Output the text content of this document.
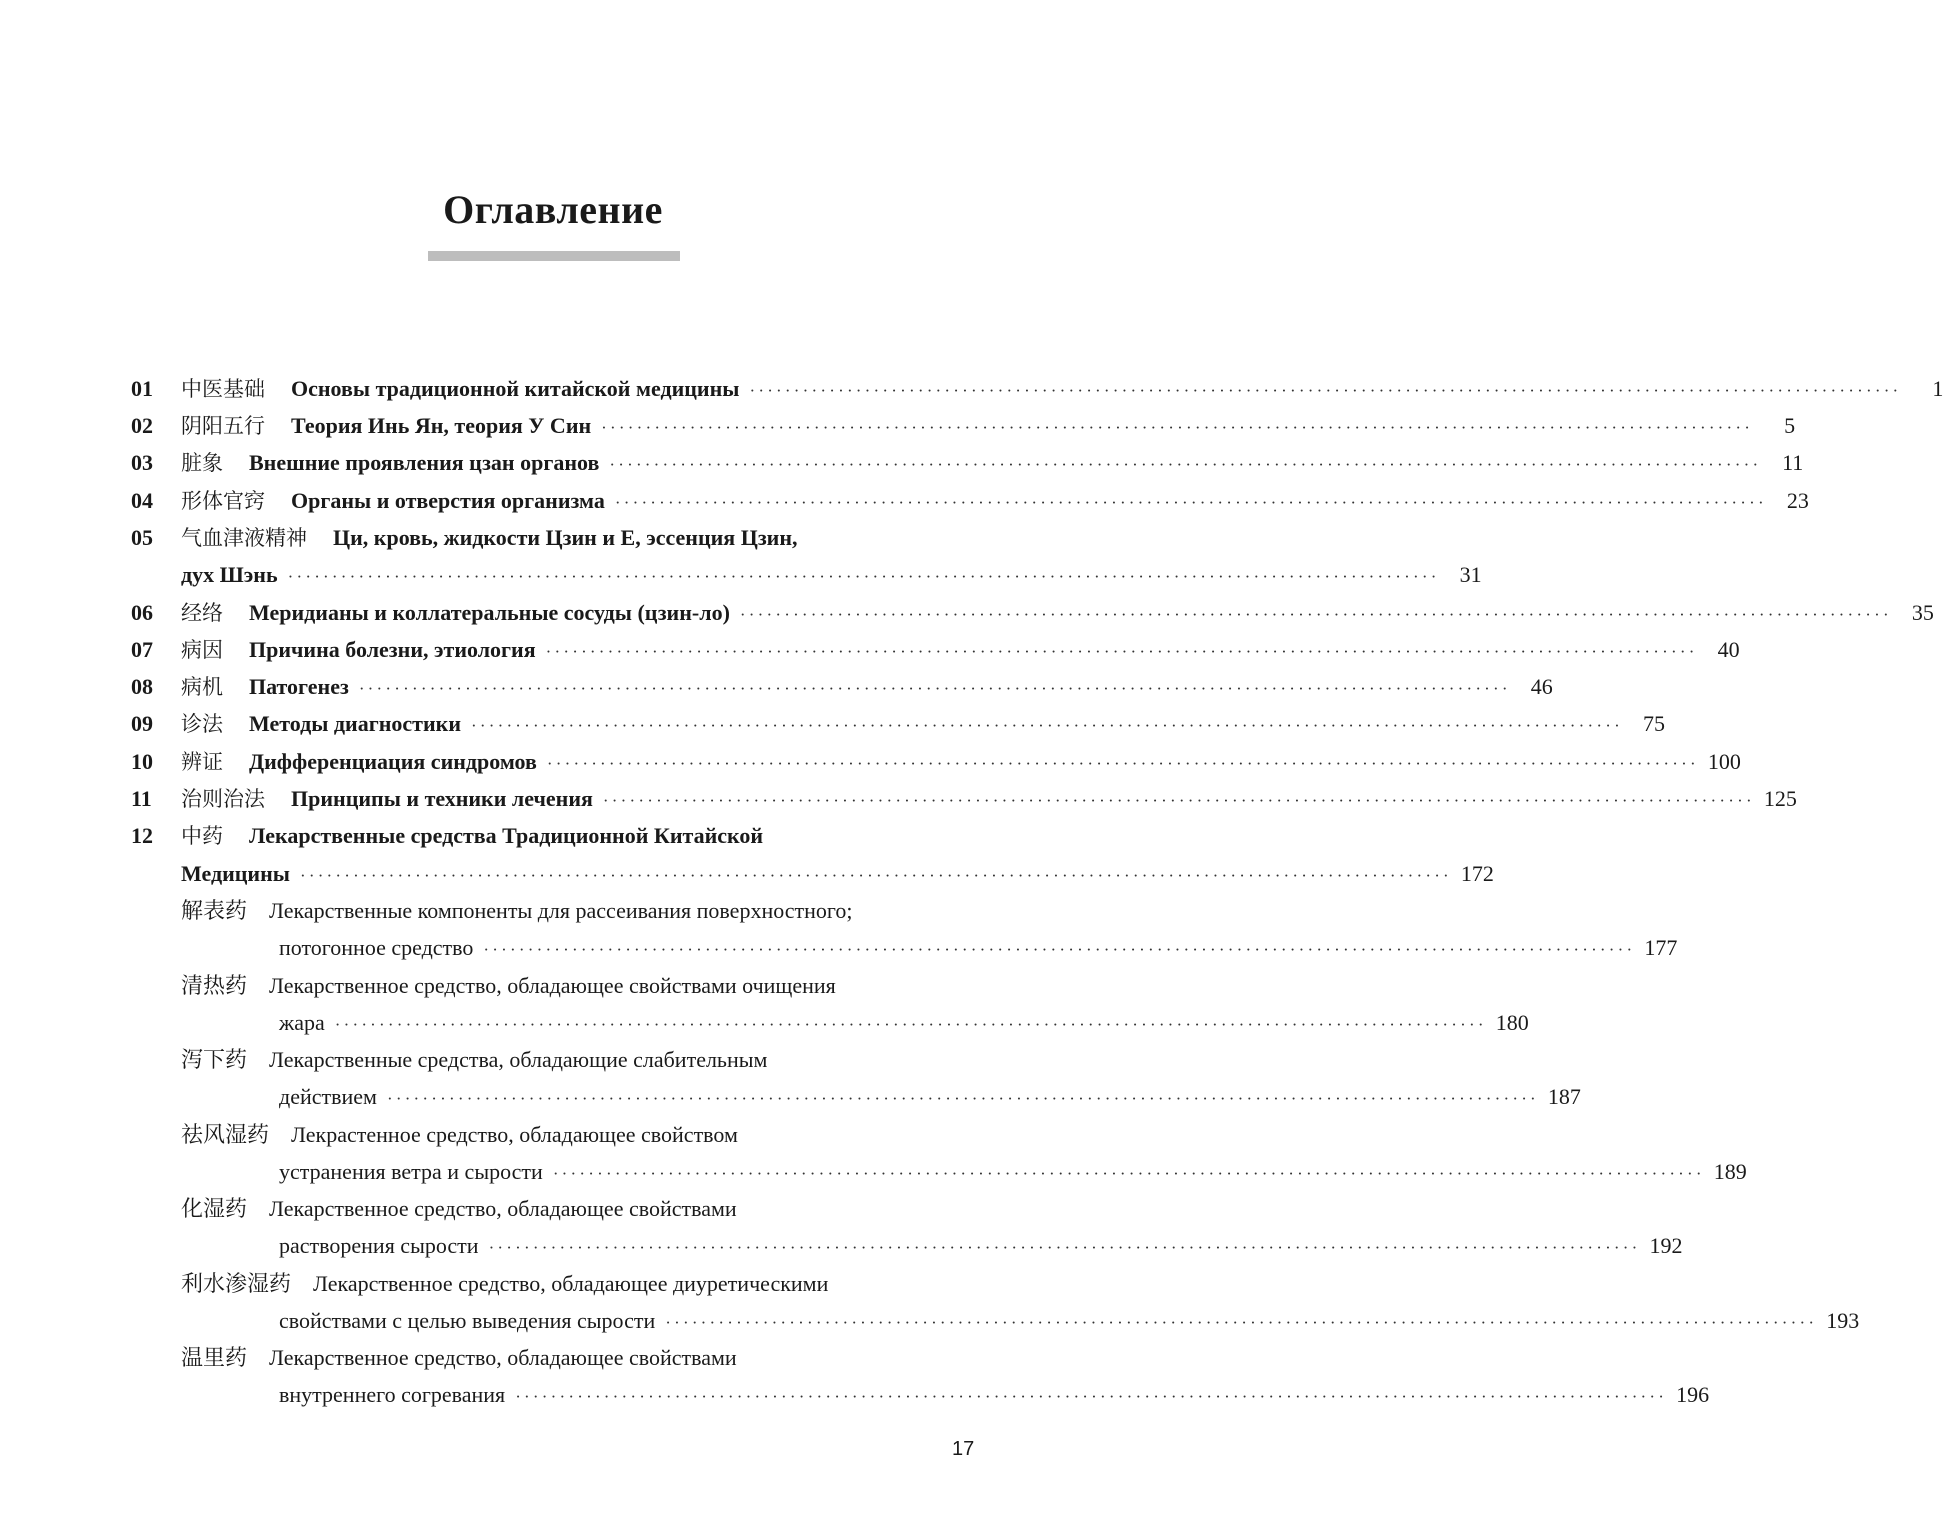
Оглавление
01 中医基础 Основы традиционной китайской медицины ··································································································································	1
02 阴阳五行 Теория Инь Ян, теория У Син ··································································································································	5
03 脏象 Внешние проявления цзан органов ·································································································································· 11
04 形体官窍 Органы и отверстия организма ·································································································································· 23
05 气血津液精神 Ци, кровь, жидкости Цзин и Е, эссенция Цзин,
дух Шэнь ·································································································································· 31
06 经络 Меридианы и коллатеральные сосуды (цзин-ло) ·································································································································· 35
07 病因 Причина болезни, этиология ·································································································································· 40
08 病机 Патогенез ·································································································································· 46
09 诊法 Методы диагностики ·································································································································· 75
10 辨证 Дифференциация синдромов ·································································································································· 100
11 治则治法 Принципы и техники лечения ·································································································································· 125
12 中药 Лекарственные средства Традиционной Китайской
Медицины ·································································································································· 172
解表药 Лекарственные компоненты для рассеивания поверхностного;
потогонное средство ·································································································································· 177
清热药 Лекарственное средство, обладающее свойствами очищения
жара ·································································································································· 180
泻下药 Лекарственные средства, обладающие слабительным
действием ·································································································································· 187
祛风湿药 Лекрастенное средство, обладающее свойством
устранения ветра и сырости ·································································································································· 189
化湿药 Лекарственное средство, обладающее свойствами
растворения сырости ·································································································································· 192
利水渗湿药 Лекарственное средство, обладающее диуретическими
свойствами с целью выведения сырости ·································································································································· 193
温里药 Лекарственное средство, обладающее свойствами
внутреннего согревания ·································································································································· 196
17
